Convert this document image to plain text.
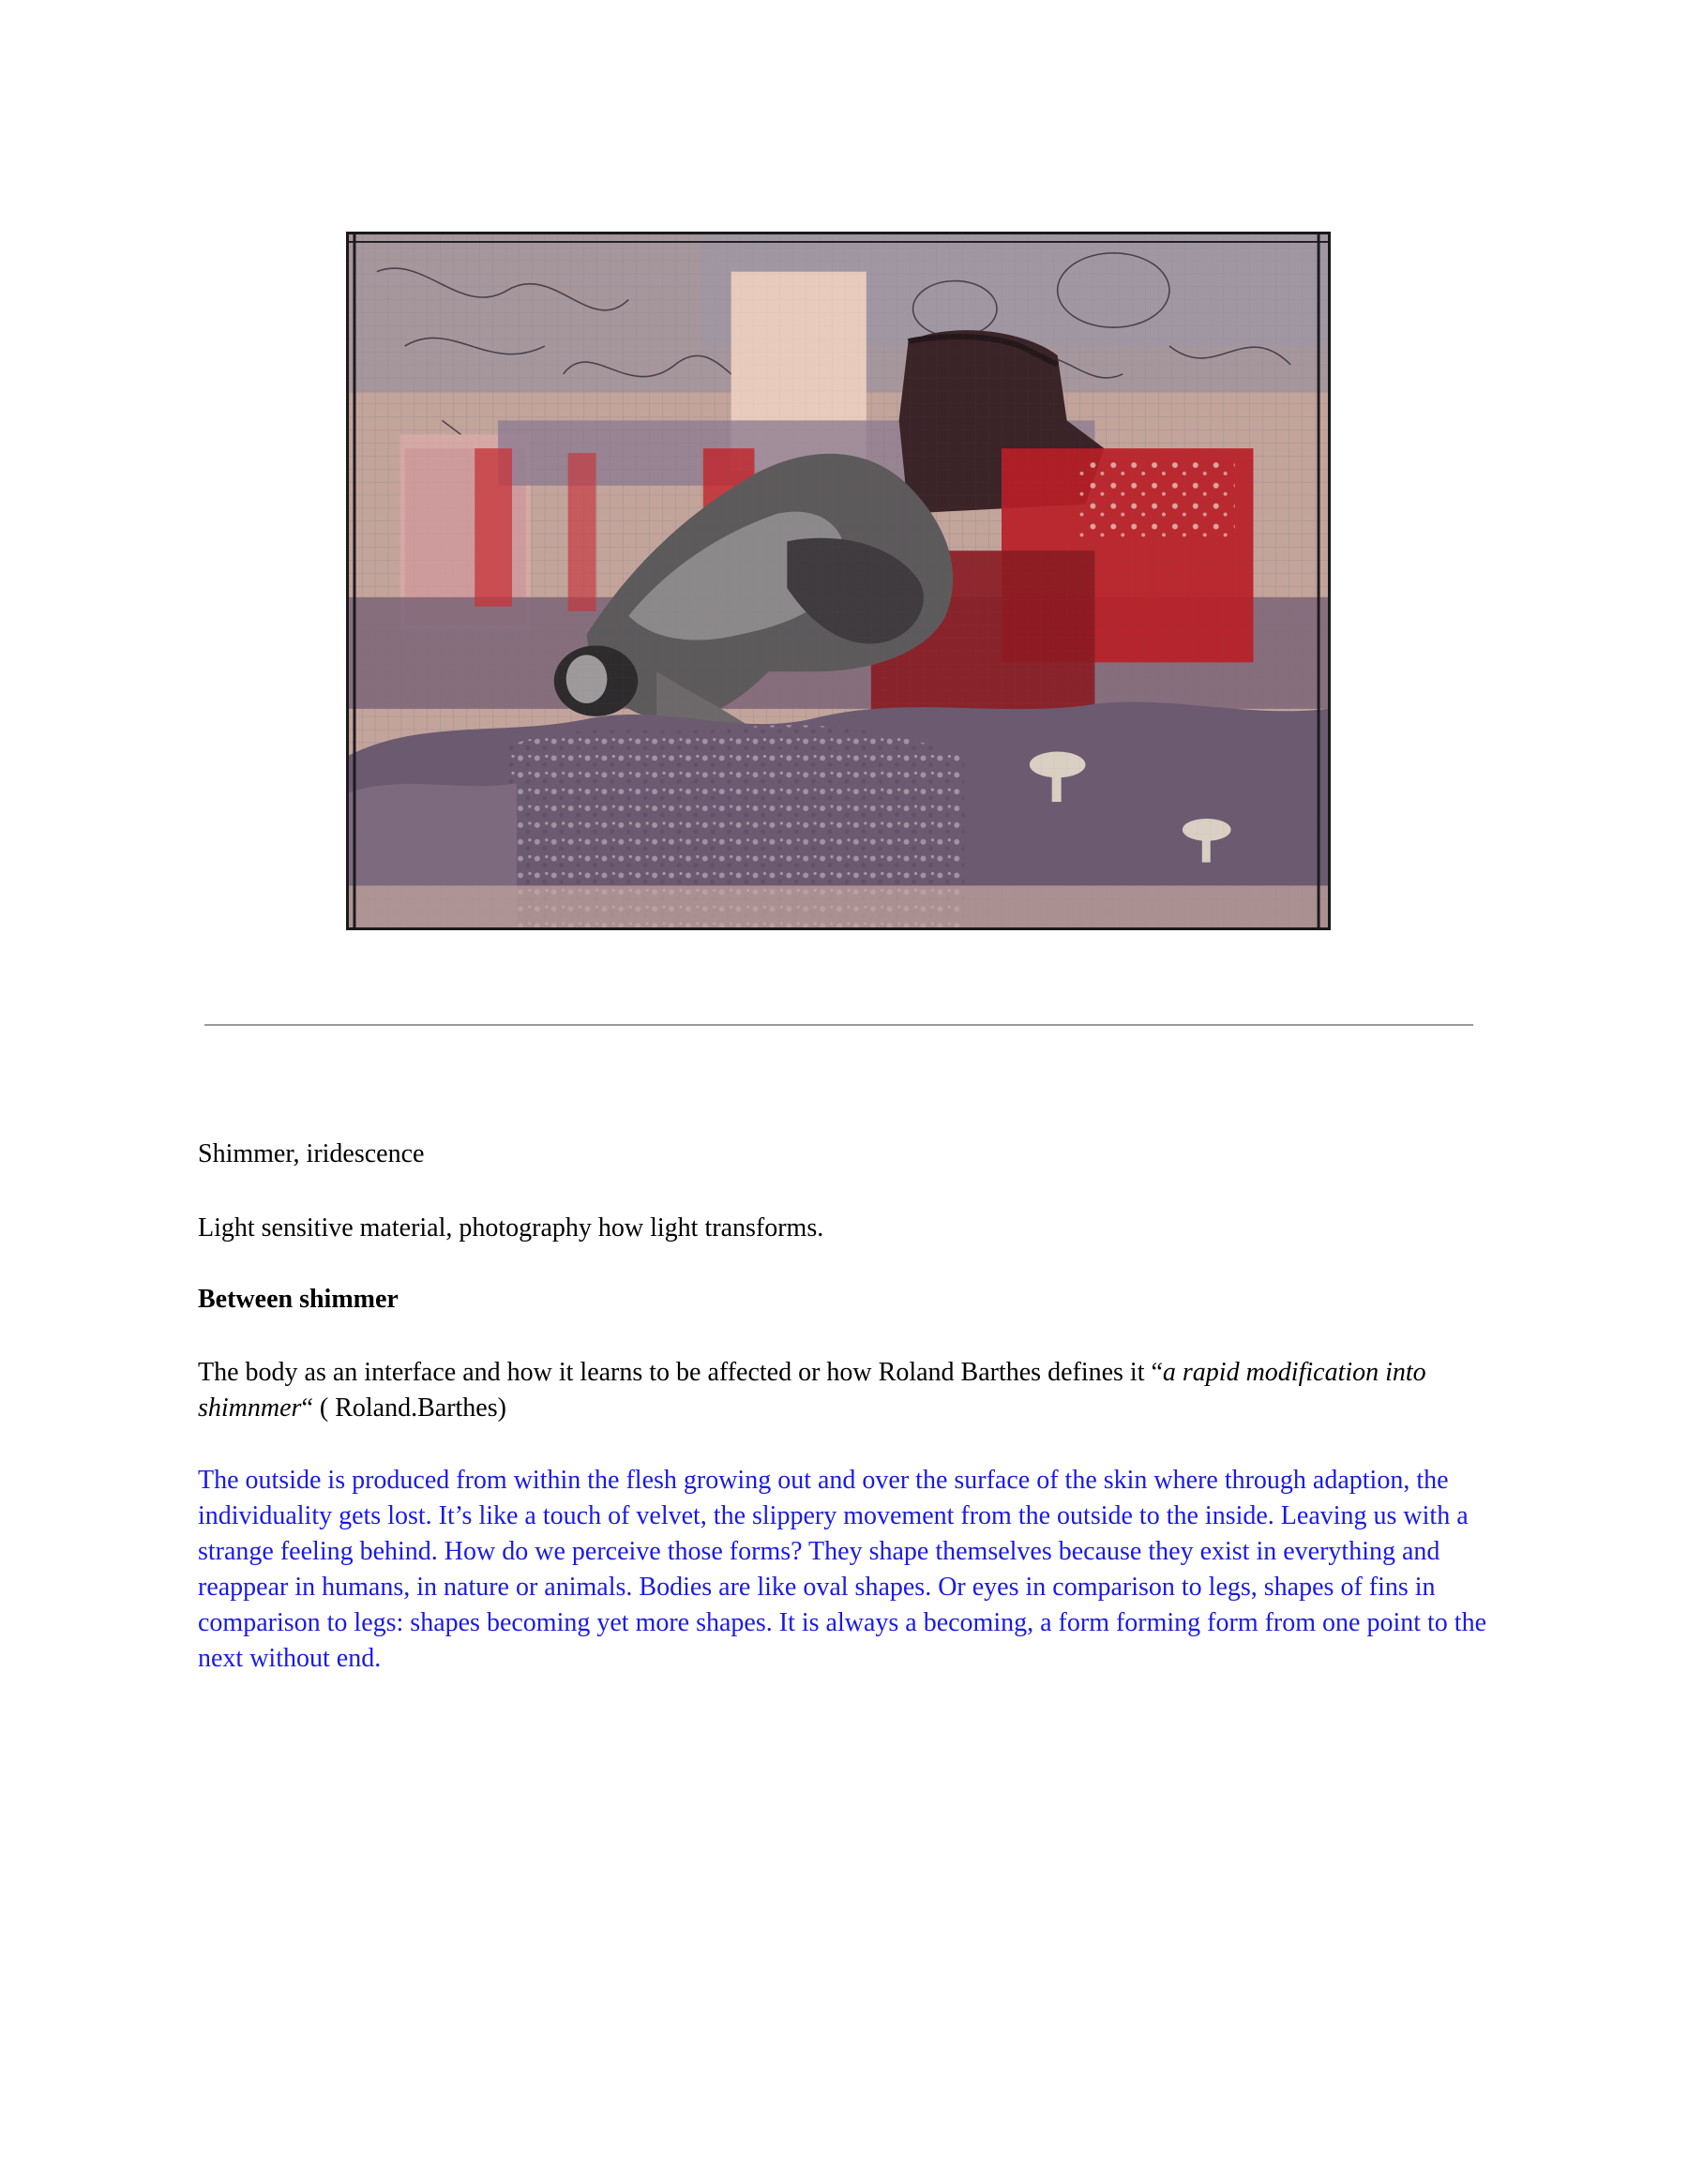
Shimmer, iridescence

Light sensitive material, photography how light transforms.

Between shimmer

The body as an interface and how it learns to be affected or how Roland Barthes defines it “a rapid modification into shimnmer“ ( Roland.Barthes)

The outside is produced from within the flesh growing out and over the surface of the skin where through adaption, the individuality gets lost. It’s like a touch of velvet, the slippery movement from the outside to the inside. Leaving us with a strange feeling behind. How do we perceive those forms? They shape themselves because they exist in everything and reappear in humans, in nature or animals. Bodies are like oval shapes. Or eyes in comparison to legs, shapes of fins in comparison to legs: shapes becoming yet more shapes. It is always a becoming, a form forming form from one point to the next without end.
